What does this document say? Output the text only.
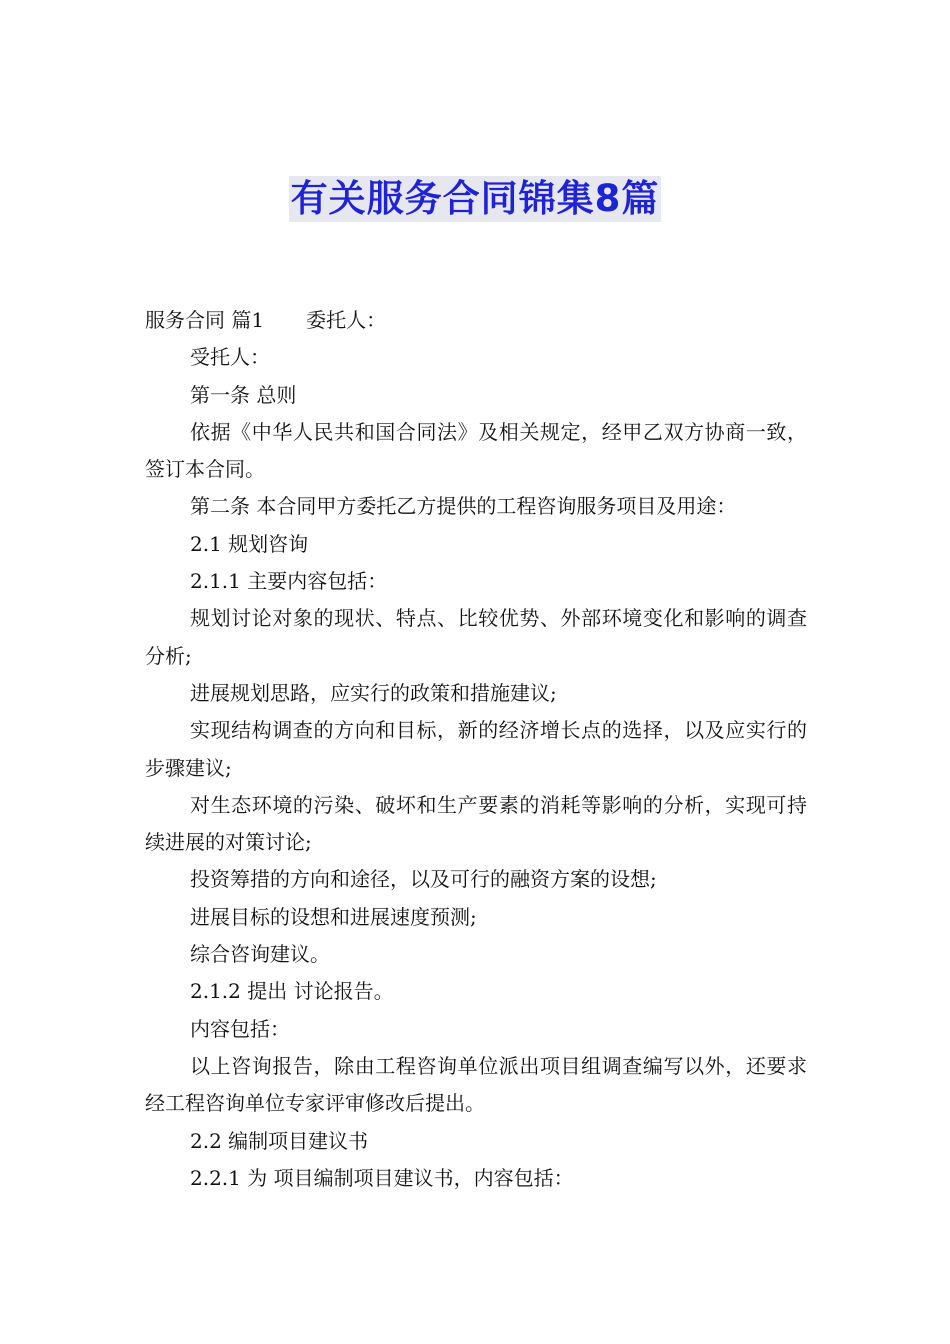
有关服务合同锦集8篇

服务合同 篇1 委托人：

受托人：

第一条 总则

依据《中华人民共和国合同法》及相关规定，经甲乙双方协商一致，签订本合同。

第二条 本合同甲方委托乙方提供的工程咨询服务项目及用途：

2.1 规划咨询

2.1.1 主要内容包括：

规划讨论对象的现状、特点、比较优势、外部环境变化和影响的调查分析;

进展规划思路，应实行的政策和措施建议;

实现结构调查的方向和目标，新的经济增长点的选择，以及应实行的步骤建议;

对生态环境的污染、破坏和生产要素的消耗等影响的分析，实现可持续进展的对策讨论;

投资筹措的方向和途径，以及可行的融资方案的设想;

进展目标的设想和进展速度预测;

综合咨询建议。

2.1.2 提出 讨论报告。

内容包括：

以上咨询报告，除由工程咨询单位派出项目组调查编写以外，还要求经工程咨询单位专家评审修改后提出。

2.2 编制项目建议书

2.2.1 为 项目编制项目建议书，内容包括：
